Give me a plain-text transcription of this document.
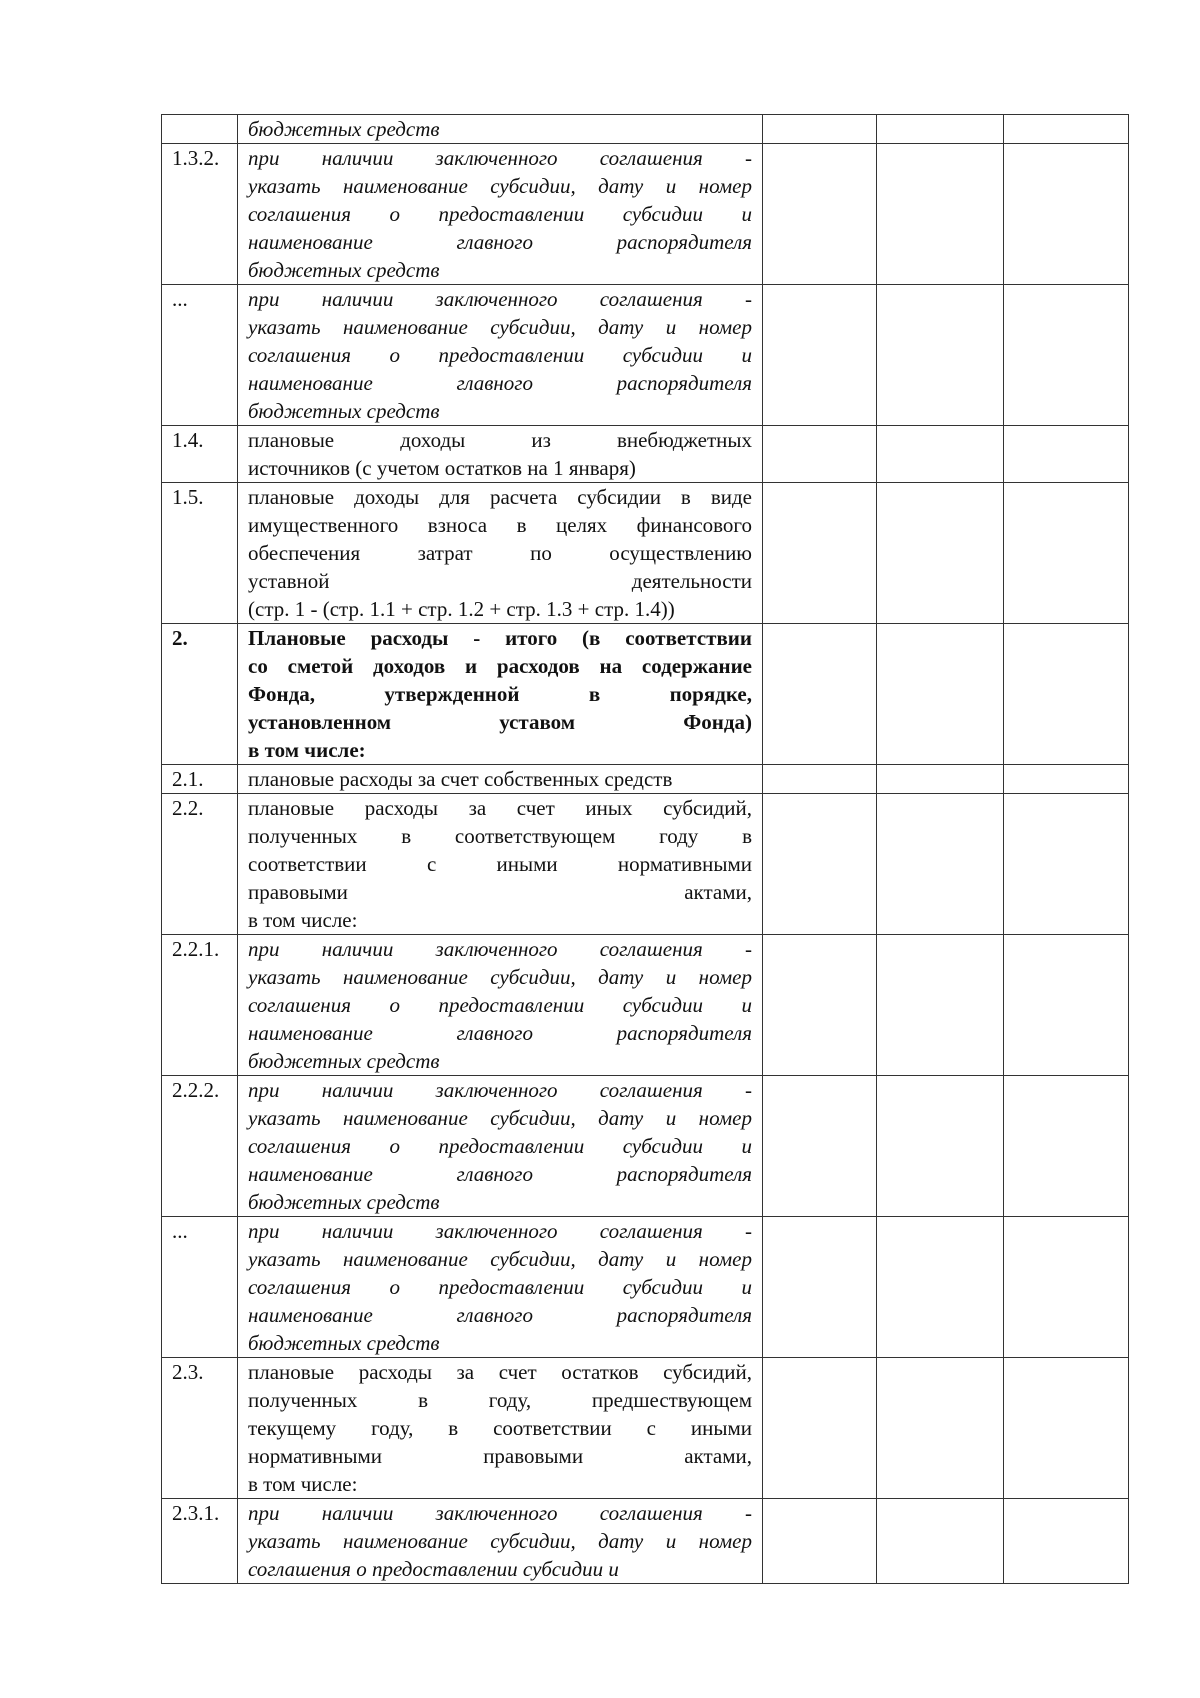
	бюджетных средств			

1.3.2.	при наличии заключенного соглашения -
указать наименование субсидии, дату и номер
соглашения о предоставлении субсидии и
наименование главного распорядителя
бюджетных средств			

...	при наличии заключенного соглашения -
указать наименование субсидии, дату и номер
соглашения о предоставлении субсидии и
наименование главного распорядителя
бюджетных средств			

1.4.	плановые доходы из внебюджетных
источников (с учетом остатков на 1 января)			

1.5.	плановые доходы для расчета субсидии в виде
имущественного взноса в целях финансового
обеспечения затрат по осуществлению
уставной деятельности
(стр. 1 - (стр. 1.1 + стр. 1.2 + стр. 1.3 + стр. 1.4))			

2.	Плановые расходы - итого (в соответствии
со сметой доходов и расходов на содержание
Фонда, утвержденной в порядке,
установленном уставом Фонда)
в том числе:			

2.1.	плановые расходы за счет собственных средств			

2.2.	плановые расходы за счет иных субсидий,
полученных в соответствующем году в
соответствии с иными нормативными
правовыми актами,
в том числе:			

2.2.1.	при наличии заключенного соглашения -
указать наименование субсидии, дату и номер
соглашения о предоставлении субсидии и
наименование главного распорядителя
бюджетных средств			

2.2.2.	при наличии заключенного соглашения -
указать наименование субсидии, дату и номер
соглашения о предоставлении субсидии и
наименование главного распорядителя
бюджетных средств			

...	при наличии заключенного соглашения -
указать наименование субсидии, дату и номер
соглашения о предоставлении субсидии и
наименование главного распорядителя
бюджетных средств			

2.3.	плановые расходы за счет остатков субсидий,
полученных в году, предшествующем
текущему году, в соответствии с иными
нормативными правовыми актами,
в том числе:			

2.3.1.	при наличии заключенного соглашения -
указать наименование субсидии, дату и номер
соглашения о предоставлении субсидии и			
